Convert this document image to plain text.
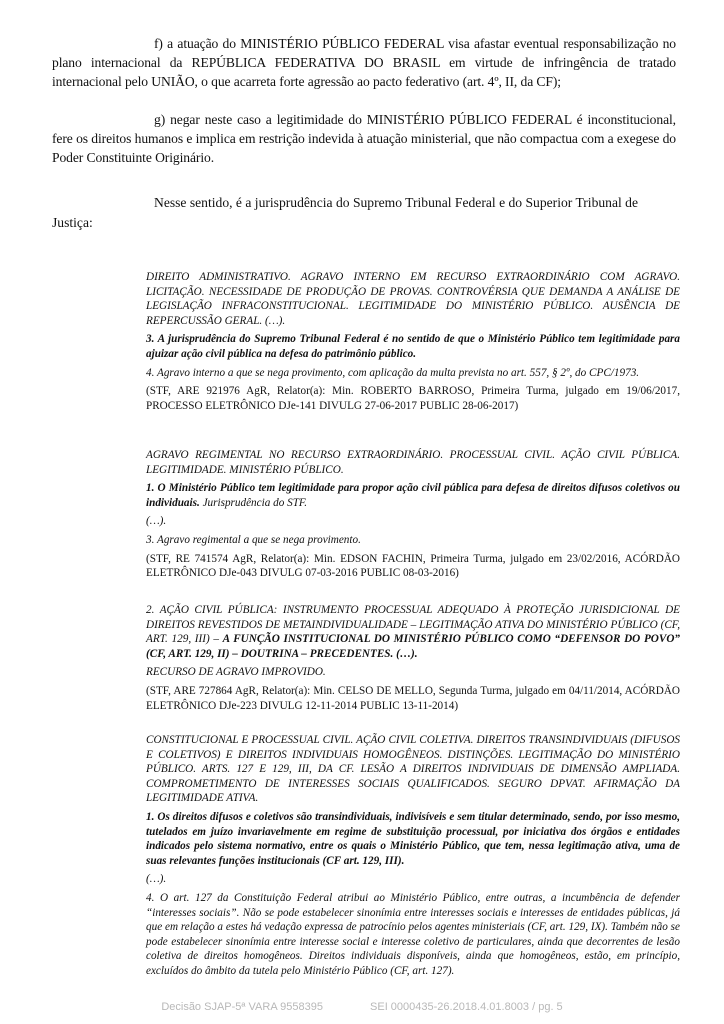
f) a atuação do MINISTÉRIO PÚBLICO FEDERAL visa afastar eventual responsabilização no plano internacional da REPÚBLICA FEDERATIVA DO BRASIL em virtude de infringência de tratado internacional pelo UNIÃO, o que acarreta forte agressão ao pacto federativo (art. 4º, II, da CF);

g) negar neste caso a legitimidade do MINISTÉRIO PÚBLICO FEDERAL é inconstitucional, fere os direitos humanos e implica em restrição indevida à atuação ministerial, que não compactua com a exegese do Poder Constituinte Originário.

Nesse sentido, é a jurisprudência do Supremo Tribunal Federal e do Superior Tribunal de
Justiça:

DIREITO ADMINISTRATIVO. AGRAVO INTERNO EM RECURSO EXTRAORDINÁRIO COM AGRAVO. LICITAÇÃO. NECESSIDADE DE PRODUÇÃO DE PROVAS. CONTROVÉRSIA QUE DEMANDA A ANÁLISE DE LEGISLAÇÃO INFRACONSTITUCIONAL. LEGITIMIDADE DO MINISTÉRIO PÚBLICO. AUSÊNCIA DE REPERCUSSÃO GERAL. (…).

3. A jurisprudência do Supremo Tribunal Federal é no sentido de que o Ministério Público tem legitimidade para ajuizar ação civil pública na defesa do patrimônio público.

4. Agravo interno a que se nega provimento, com aplicação da multa prevista no art. 557, § 2º, do CPC/1973.

(STF, ARE 921976 AgR, Relator(a): Min. ROBERTO BARROSO, Primeira Turma, julgado em 19/06/2017, PROCESSO ELETRÔNICO DJe-141 DIVULG 27-06-2017 PUBLIC 28-06-2017)

AGRAVO REGIMENTAL NO RECURSO EXTRAORDINÁRIO. PROCESSUAL CIVIL. AÇÃO CIVIL PÚBLICA. LEGITIMIDADE. MINISTÉRIO PÚBLICO.

1. O Ministério Público tem legitimidade para propor ação civil pública para defesa de direitos difusos coletivos ou individuais. Jurisprudência do STF.

(…).

3. Agravo regimental a que se nega provimento.

(STF, RE 741574 AgR, Relator(a): Min. EDSON FACHIN, Primeira Turma, julgado em 23/02/2016, ACÓRDÃO ELETRÔNICO DJe-043 DIVULG 07-03-2016 PUBLIC 08-03-2016)

2. AÇÃO CIVIL PÚBLICA: INSTRUMENTO PROCESSUAL ADEQUADO À PROTEÇÃO JURISDICIONAL DE DIREITOS REVESTIDOS DE METAINDIVIDUALIDADE – LEGITIMAÇÃO ATIVA DO MINISTÉRIO PÚBLICO (CF, ART. 129, III) – A FUNÇÃO INSTITUCIONAL DO MINISTÉRIO PÚBLICO COMO “DEFENSOR DO POVO” (CF, ART. 129, II) – DOUTRINA – PRECEDENTES. (…).

RECURSO DE AGRAVO IMPROVIDO.

(STF, ARE 727864 AgR, Relator(a): Min. CELSO DE MELLO, Segunda Turma, julgado em 04/11/2014, ACÓRDÃO ELETRÔNICO DJe-223 DIVULG 12-11-2014 PUBLIC 13-11-2014)

CONSTITUCIONAL E PROCESSUAL CIVIL. AÇÃO CIVIL COLETIVA. DIREITOS TRANSINDIVIDUAIS (DIFUSOS E COLETIVOS) E DIREITOS INDIVIDUAIS HOMOGÊNEOS. DISTINÇÕES. LEGITIMAÇÃO DO MINISTÉRIO PÚBLICO. ARTS. 127 E 129, III, DA CF. LESÃO A DIREITOS INDIVIDUAIS DE DIMENSÃO AMPLIADA. COMPROMETIMENTO DE INTERESSES SOCIAIS QUALIFICADOS. SEGURO DPVAT. AFIRMAÇÃO DA LEGITIMIDADE ATIVA.

1. Os direitos difusos e coletivos são transindividuais, indivisíveis e sem titular determinado, sendo, por isso mesmo, tutelados em juízo invariavelmente em regime de substituição processual, por iniciativa dos órgãos e entidades indicados pelo sistema normativo, entre os quais o Ministério Público, que tem, nessa legitimação ativa, uma de suas relevantes funções institucionais (CF art. 129, III).

(…).

4. O art. 127 da Constituição Federal atribui ao Ministério Público, entre outras, a incumbência de defender “interesses sociais”. Não se pode estabelecer sinonímia entre interesses sociais e interesses de entidades públicas, já que em relação a estes há vedação expressa de patrocínio pelos agentes ministeriais (CF, art. 129, IX). Também não se pode estabelecer sinonímia entre interesse social e interesse coletivo de particulares, ainda que decorrentes de lesão coletiva de direitos homogêneos. Direitos individuais disponíveis, ainda que homogêneos, estão, em princípio, excluídos do âmbito da tutela pelo Ministério Público (CF, art. 127).

Decisão SJAP-5ª VARA 9558395	SEI 0000435-26.2018.4.01.8003 / pg. 5
